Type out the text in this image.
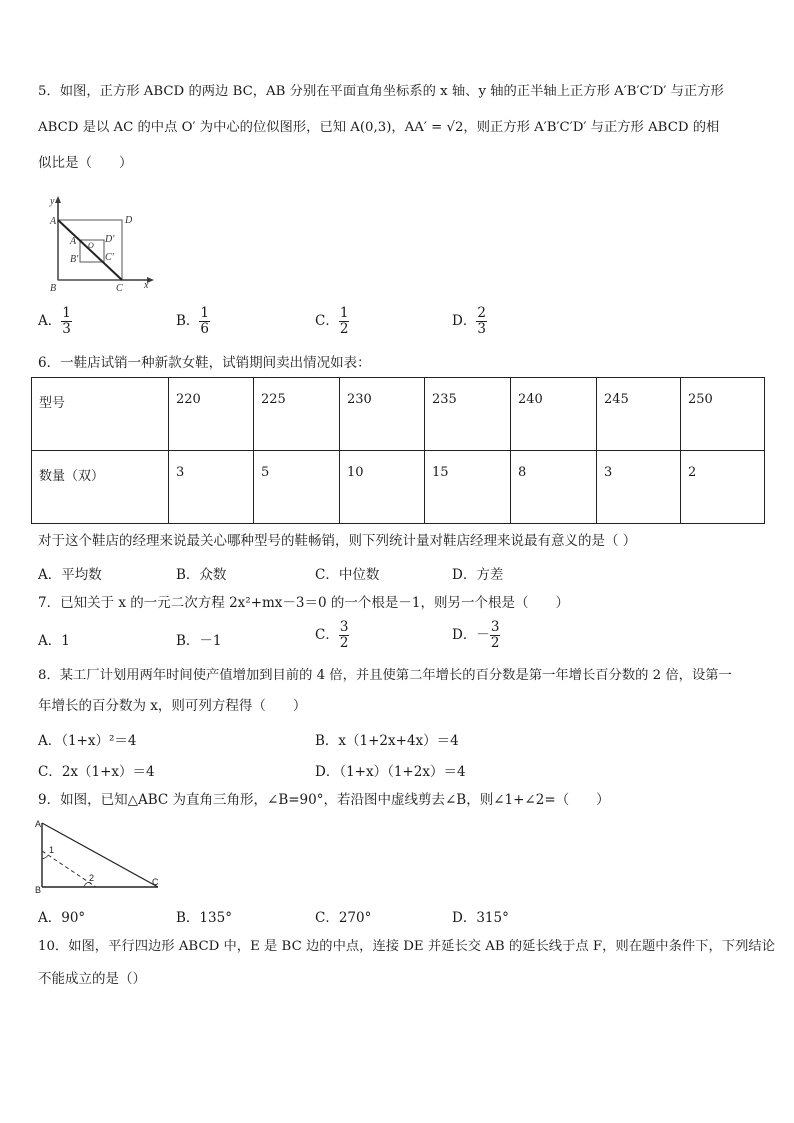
5．如图，正方形 ABCD 的两边 BC，AB 分别在平面直角坐标系的 x 轴、y 轴的正半轴上正方形 A′B′C′D′ 与正方形
ABCD 是以 AC 的中点 O′ 为中心的位似图形，已知 A(0,3)，AA′ = √2，则正方形 A′B′C′D′ 与正方形 ABCD 的相
似比是（　　）
y
x
A	D
B	C
A'	D'
B'	C'
O
A． $\frac{1}{3}$	B． $\frac{1}{6}$	C． $\frac{1}{2}$	D． $\frac{2}{3}$
6．一鞋店试销一种新款女鞋，试销期间卖出情况如表：
型号	220	225	230	235	240	245	250
数量（双）	3	5	10	15	8	3	2
对于这个鞋店的经理来说最关心哪种型号的鞋畅销，则下列统计量对鞋店经理来说最有意义的是（ ）
A．平均数	B．众数	C．中位数	D．方差
7．已知关于 x 的一元二次方程 2x²+mx－3＝0 的一个根是－1，则另一个根是（　　）
A．1	B．－1	C． $\frac{3}{2}$	D．－ $\frac{3}{2}$
8．某工厂计划用两年时间使产值增加到目前的 4 倍，并且使第二年增长的百分数是第一年增长百分数的 2 倍，设第一
年增长的百分数为 x，则可列方程得（　　）
A．（1+x）²＝4	B．x（1+2x+4x）＝4
C．2x（1+x）＝4	D．（1+x）（1+2x）＝4
9．如图，已知△ABC 为直角三角形，∠B=90°，若沿图中虚线剪去∠B，则∠1+∠2=（　　）
A
B
C
1
2
A．90°	B．135°	C．270°	D．315°
10．如图，平行四边形 ABCD 中，E 是 BC 边的中点，连接 DE 并延长交 AB 的延长线于点 F，则在题中条件下，下列结论
不能成立的是（）
